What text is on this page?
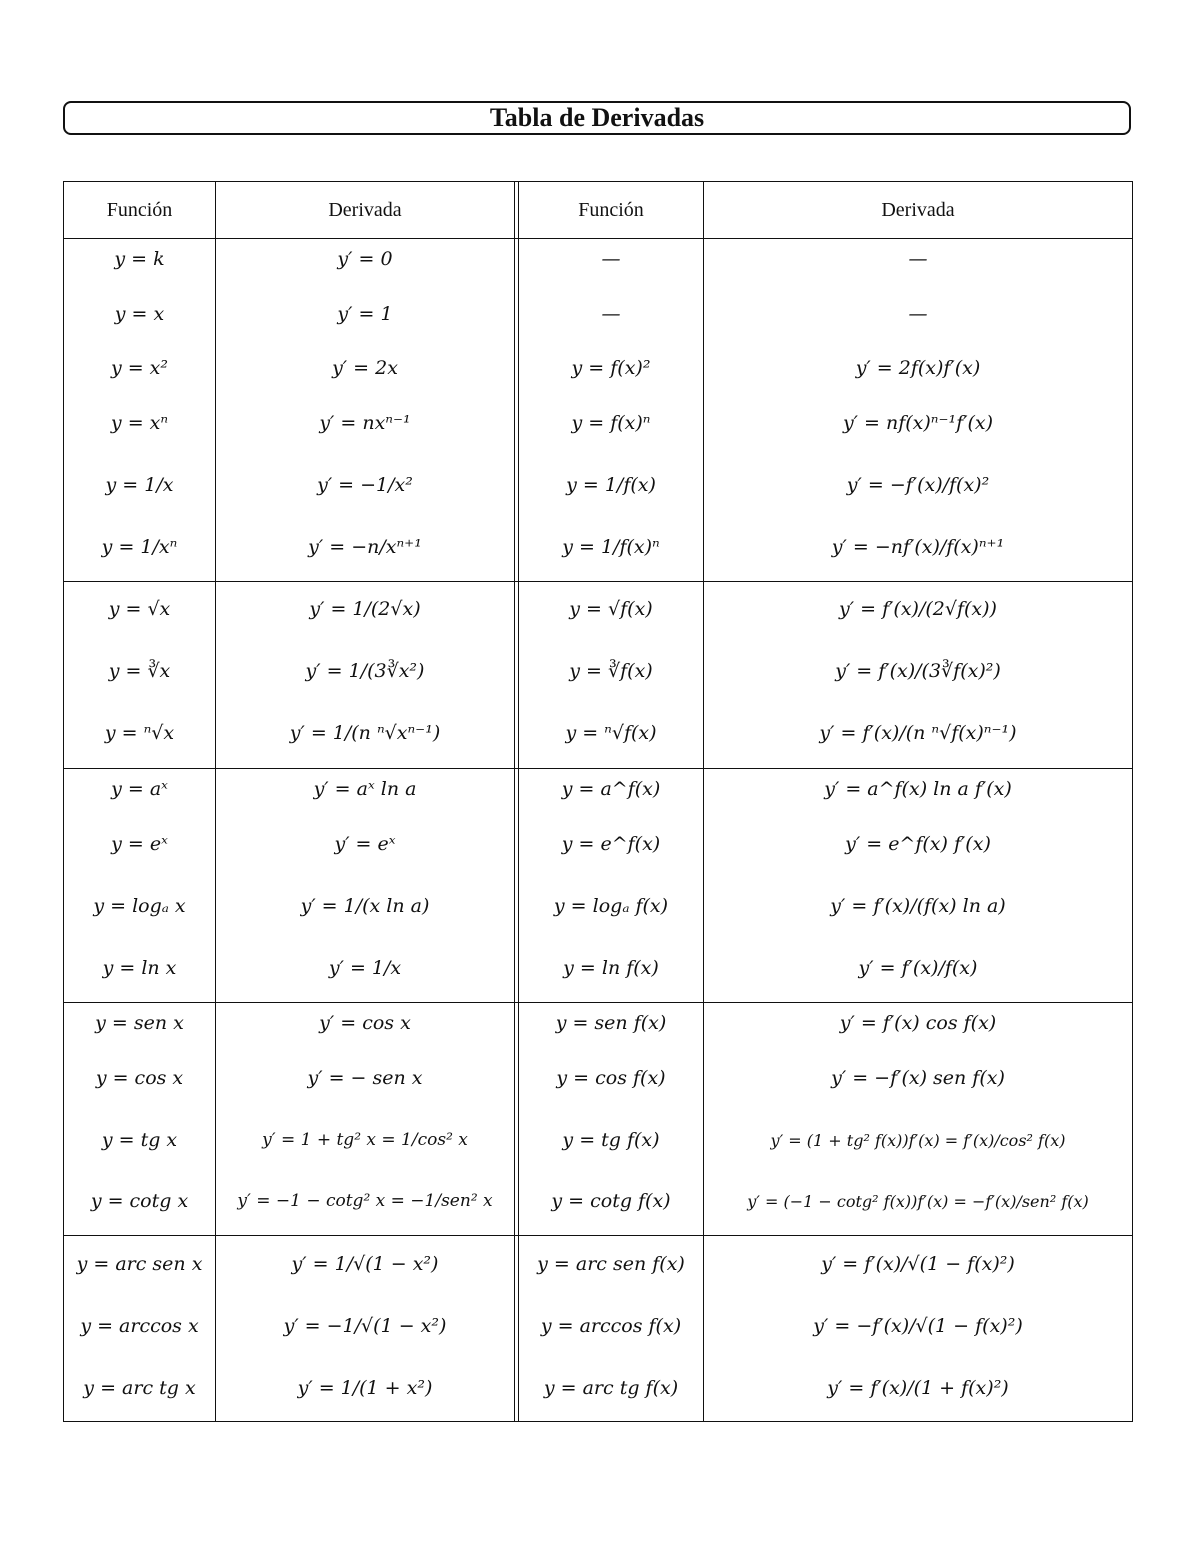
Tabla de Derivadas
Función	Derivada	Función	Derivada
y = k	y′ = 0	—	—
y = x	y′ = 1	—	—
y = x²	y′ = 2x	y = f(x)²	y′ = 2f(x)f′(x)
y = xⁿ	y′ = nxⁿ⁻¹	y = f(x)ⁿ	y′ = nf(x)ⁿ⁻¹f′(x)
y = 1/x	y′ = −1/x²	y = 1/f(x)	y′ = −f′(x)/f(x)²
y = 1/xⁿ	y′ = −n/xⁿ⁺¹	y = 1/f(x)ⁿ	y′ = −nf′(x)/f(x)ⁿ⁺¹
y = √x	y′ = 1/(2√x)	y = √f(x)	y′ = f′(x)/(2√f(x))
y = ∛x	y′ = 1/(3∛x²)	y = ∛f(x)	y′ = f′(x)/(3∛f(x)²)
y = ⁿ√x	y′ = 1/(n ⁿ√xⁿ⁻¹)	y = ⁿ√f(x)	y′ = f′(x)/(n ⁿ√f(x)ⁿ⁻¹)
y = aˣ	y′ = aˣ ln a	y = a^f(x)	y′ = a^f(x) ln a f′(x)
y = eˣ	y′ = eˣ	y = e^f(x)	y′ = e^f(x) f′(x)
y = logₐ x	y′ = 1/(x ln a)	y = logₐ f(x)	y′ = f′(x)/(f(x) ln a)
y = ln x	y′ = 1/x	y = ln f(x)	y′ = f′(x)/f(x)
y = sen x	y′ = cos x	y = sen f(x)	y′ = f′(x) cos f(x)
y = cos x	y′ = − sen x	y = cos f(x)	y′ = −f′(x) sen f(x)
y = tg x	y′ = 1 + tg² x = 1/cos² x	y = tg f(x)	y′ = (1 + tg² f(x))f′(x) = f′(x)/cos² f(x)
y = cotg x	y′ = −1 − cotg² x = −1/sen² x	y = cotg f(x)	y′ = (−1 − cotg² f(x))f′(x) = −f′(x)/sen² f(x)
y = arc sen x	y′ = 1/√(1 − x²)	y = arc sen f(x)	y′ = f′(x)/√(1 − f(x)²)
y = arccos x	y′ = −1/√(1 − x²)	y = arccos f(x)	y′ = −f′(x)/√(1 − f(x)²)
y = arc tg x	y′ = 1/(1 + x²)	y = arc tg f(x)	y′ = f′(x)/(1 + f(x)²)
